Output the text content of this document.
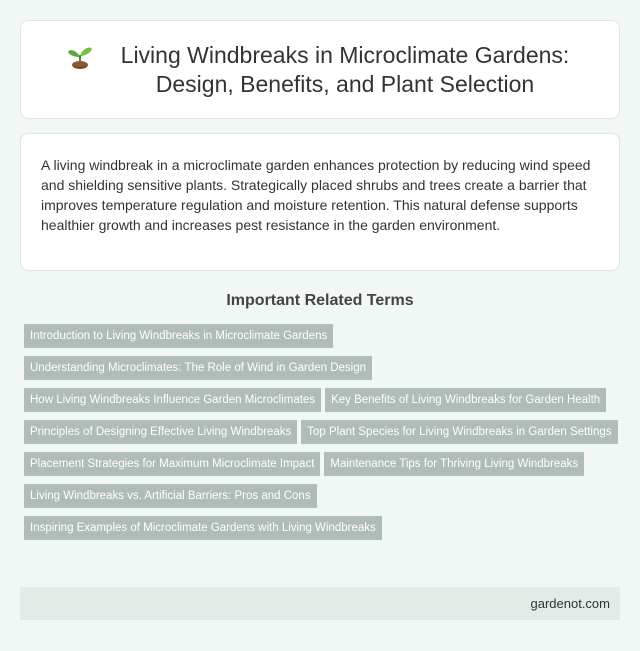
Living Windbreaks in Microclimate Gardens: Design, Benefits, and Plant Selection

A living windbreak in a microclimate garden enhances protection by reducing wind speed and shielding sensitive plants. Strategically placed shrubs and trees create a barrier that improves temperature regulation and moisture retention. This natural defense supports healthier growth and increases pest resistance in the garden environment.

Important Related Terms
Introduction to Living Windbreaks in Microclimate Gardens
Understanding Microclimates: The Role of Wind in Garden Design
How Living Windbreaks Influence Garden Microclimates	Key Benefits of Living Windbreaks for Garden Health
Principles of Designing Effective Living Windbreaks	Top Plant Species for Living Windbreaks in Garden Settings
Placement Strategies for Maximum Microclimate Impact	Maintenance Tips for Thriving Living Windbreaks
Living Windbreaks vs. Artificial Barriers: Pros and Cons
Inspiring Examples of Microclimate Gardens with Living Windbreaks
gardenot.com
